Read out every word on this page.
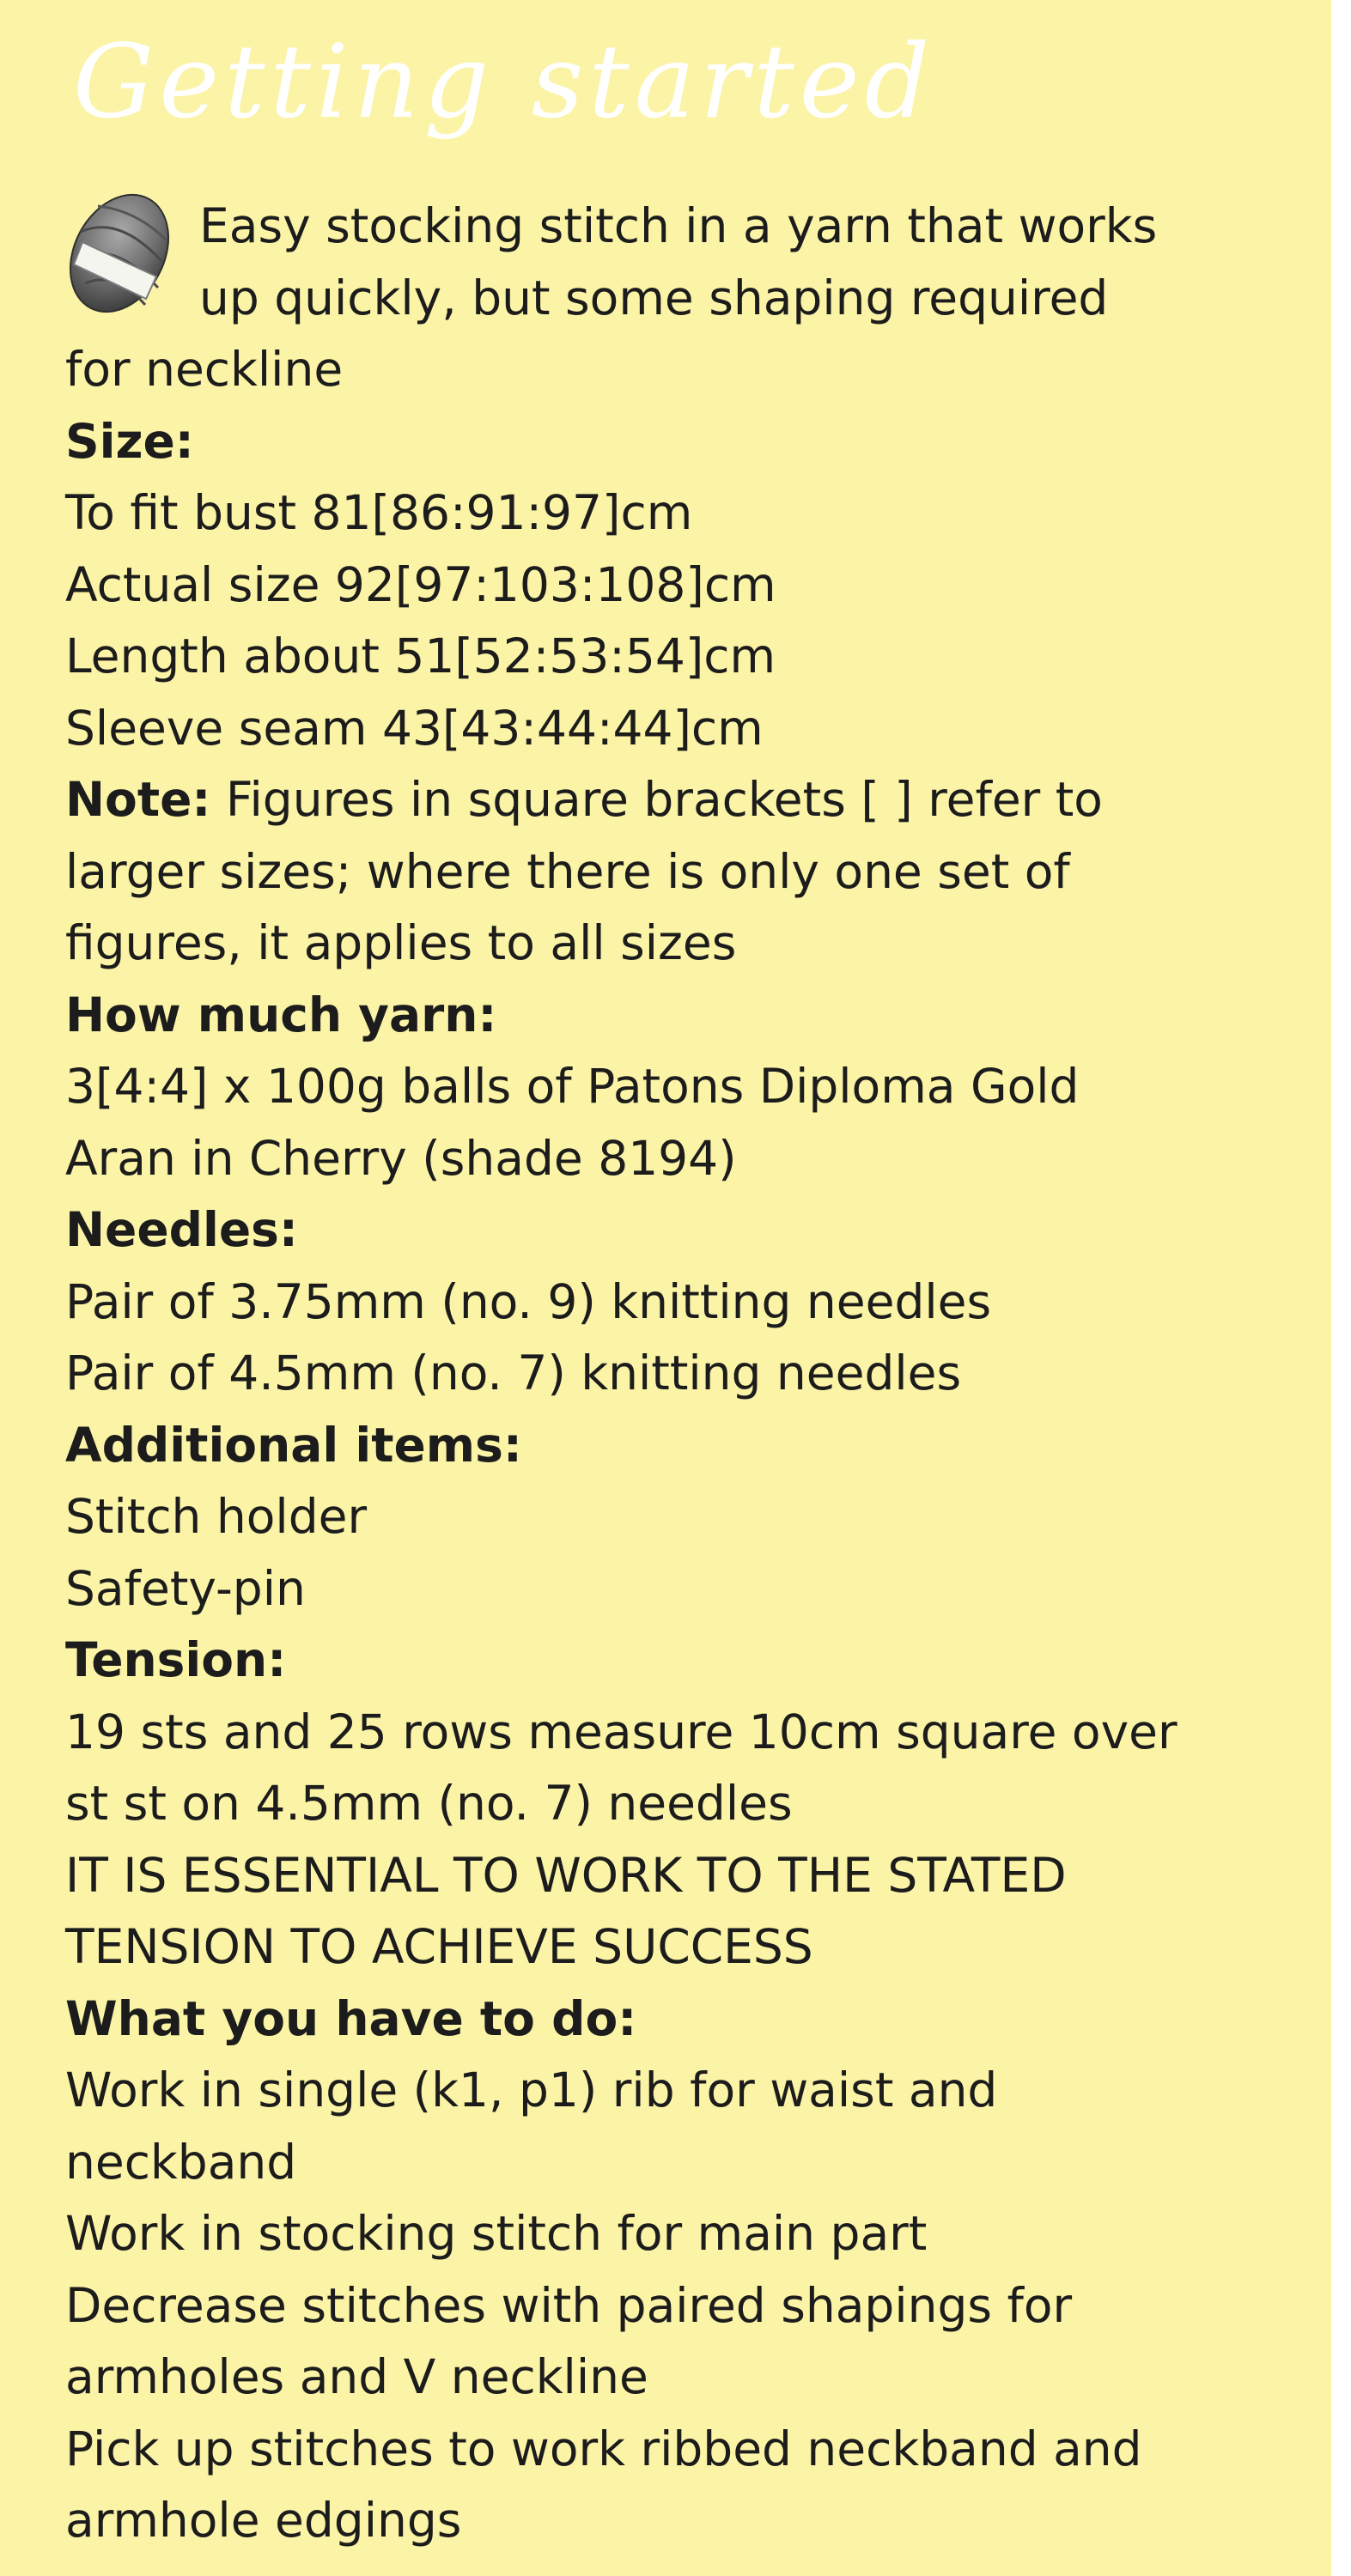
Getting started

Easy stocking stitch in a yarn that works

up quickly, but some shaping required

for neckline

Size:

To fit bust 81[86:91:97]cm

Actual size 92[97:103:108]cm

Length about 51[52:53:54]cm

Sleeve seam 43[43:44:44]cm

Note: Figures in square brackets [ ] refer to

larger sizes; where there is only one set of

figures, it applies to all sizes

How much yarn:

3[4:4] x 100g balls of Patons Diploma Gold

Aran in Cherry (shade 8194)

Needles:

Pair of 3.75mm (no. 9) knitting needles

Pair of 4.5mm (no. 7) knitting needles

Additional items:

Stitch holder

Safety-pin

Tension:

19 sts and 25 rows measure 10cm square over

st st on 4.5mm (no. 7) needles

IT IS ESSENTIAL TO WORK TO THE STATED

TENSION TO ACHIEVE SUCCESS

What you have to do:

Work in single (k1, p1) rib for waist and

neckband

Work in stocking stitch for main part

Decrease stitches with paired shapings for

armholes and V neckline

Pick up stitches to work ribbed neckband and

armhole edgings
